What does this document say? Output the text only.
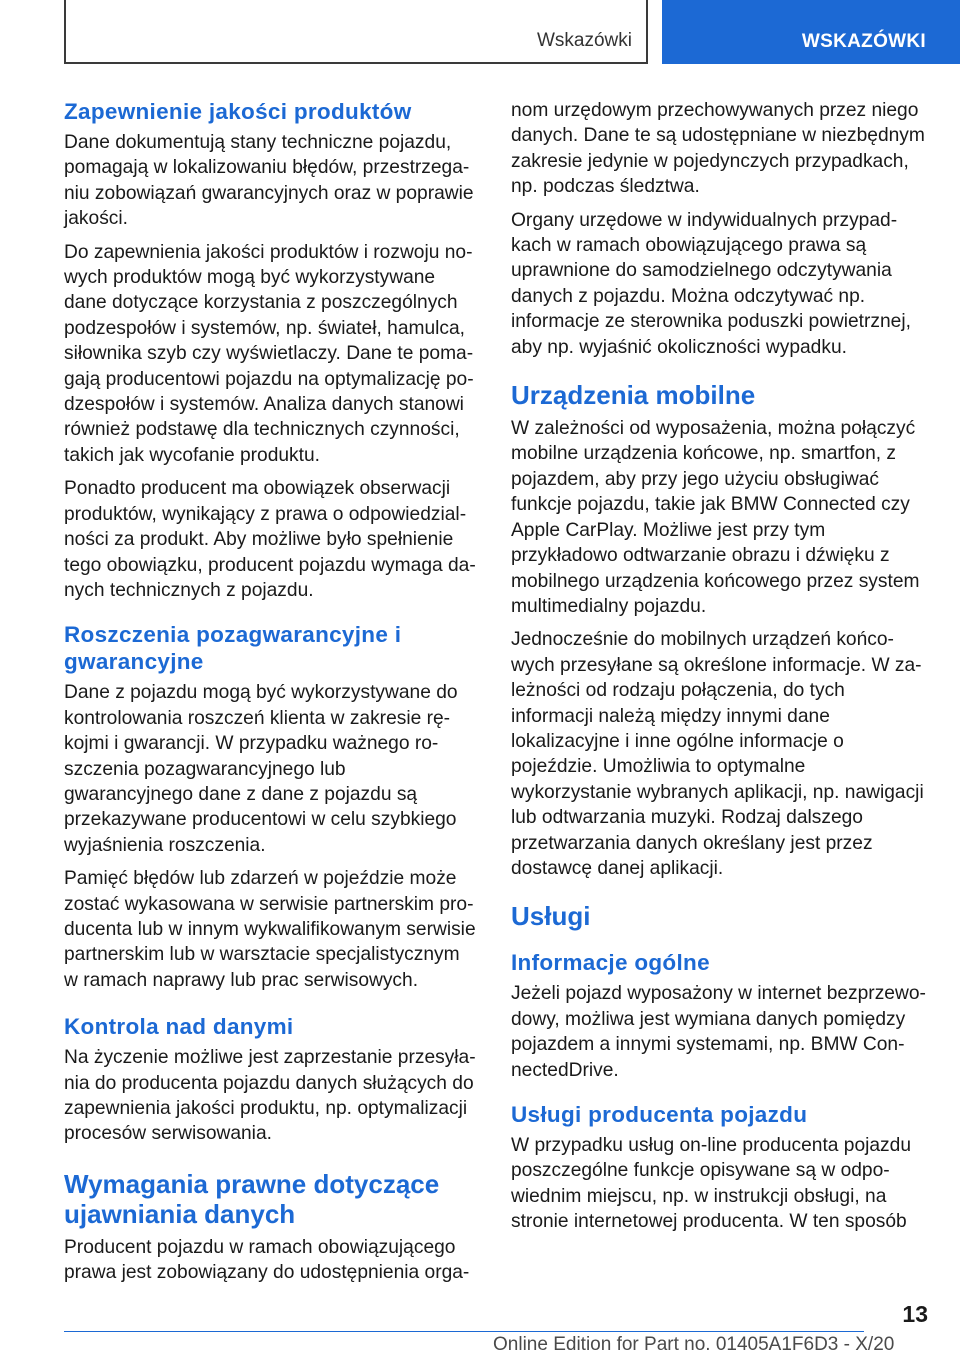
Wskazówki	WSKAZÓWKI
Zapewnienie jakości produktów

Dane dokumentują stany techniczne pojazdu, pomagają w lokalizowaniu błędów, przestrzeganiu zobowiązań gwarancyjnych oraz w poprawie jakości.

Do zapewnienia jakości produktów i rozwoju nowych produktów mogą być wykorzystywane dane dotyczące korzystania z poszczególnych podzespołów i systemów, np. świateł, hamulca, siłownika szyb czy wyświetlaczy. Dane te pomagają producentowi pojazdu na optymalizację podzespołów i systemów. Analiza danych stanowi również podstawę dla technicznych czynności, takich jak wycofanie produktu.

Ponadto producent ma obowiązek obserwacji produktów, wynikający z prawa o odpowiedzialności za produkt. Aby możliwe było spełnienie tego obowiązku, producent pojazdu wymaga danych technicznych z pojazdu.

Roszczenia pozagwarancyjne i gwarancyjne

Dane z pojazdu mogą być wykorzystywane do kontrolowania roszczeń klienta w zakresie rękojmi i gwarancji. W przypadku ważnego roszczenia pozagwarancyjnego lub gwarancyjnego dane z dane z pojazdu są przekazywane producentowi w celu szybkiego wyjaśnienia roszczenia.

Pamięć błędów lub zdarzeń w pojeździe może zostać wykasowana w serwisie partnerskim producenta lub w innym wykwalifikowanym serwisie partnerskim lub w warsztacie specjalistycznym w ramach naprawy lub prac serwisowych.

Kontrola nad danymi

Na życzenie możliwe jest zaprzestanie przesyłania do producenta pojazdu danych służących do zapewnienia jakości produktu, np. optymalizacji procesów serwisowania.

Wymagania prawne dotyczące ujawniania danych

Producent pojazdu w ramach obowiązującego prawa jest zobowiązany do udostępnienia orga-

nom urzędowym przechowywanych przez niego danych. Dane te są udostępniane w niezbędnym zakresie jedynie w pojedynczych przypadkach, np. podczas śledztwa.

Organy urzędowe w indywidualnych przypadkach w ramach obowiązującego prawa są uprawnione do samodzielnego odczytywania danych z pojazdu. Można odczytywać np. informacje ze sterownika poduszki powietrznej, aby np. wyjaśnić okoliczności wypadku.

Urządzenia mobilne

W zależności od wyposażenia, można połączyć mobilne urządzenia końcowe, np. smartfon, z pojazdem, aby przy jego użyciu obsługiwać funkcje pojazdu, takie jak BMW Connected czy Apple CarPlay. Możliwe jest przy tym przykładowo odtwarzanie obrazu i dźwięku z mobilnego urządzenia końcowego przez system multimedialny pojazdu.

Jednocześnie do mobilnych urządzeń końcowych przesyłane są określone informacje. W zależności od rodzaju połączenia, do tych informacji należą między innymi dane lokalizacyjne i inne ogólne informacje o pojeździe. Umożliwia to optymalne wykorzystanie wybranych aplikacji, np. nawigacji lub odtwarzania muzyki. Rodzaj dalszego przetwarzania danych określany jest przez dostawcę danej aplikacji.

Usługi
Informacje ogólne

Jeżeli pojazd wyposażony w internet bezprzewodowy, możliwa jest wymiana danych pomiędzy pojazdem a innymi systemami, np. BMW ConnectedDrive.

Usługi producenta pojazdu

W przypadku usług on-line producenta pojazdu poszczególne funkcje opisywane są w odpowiednim miejscu, np. w instrukcji obsługi, na stronie internetowej producenta. W ten sposób

13
Online Edition for Part no. 01405A1F6D3 - X/20
